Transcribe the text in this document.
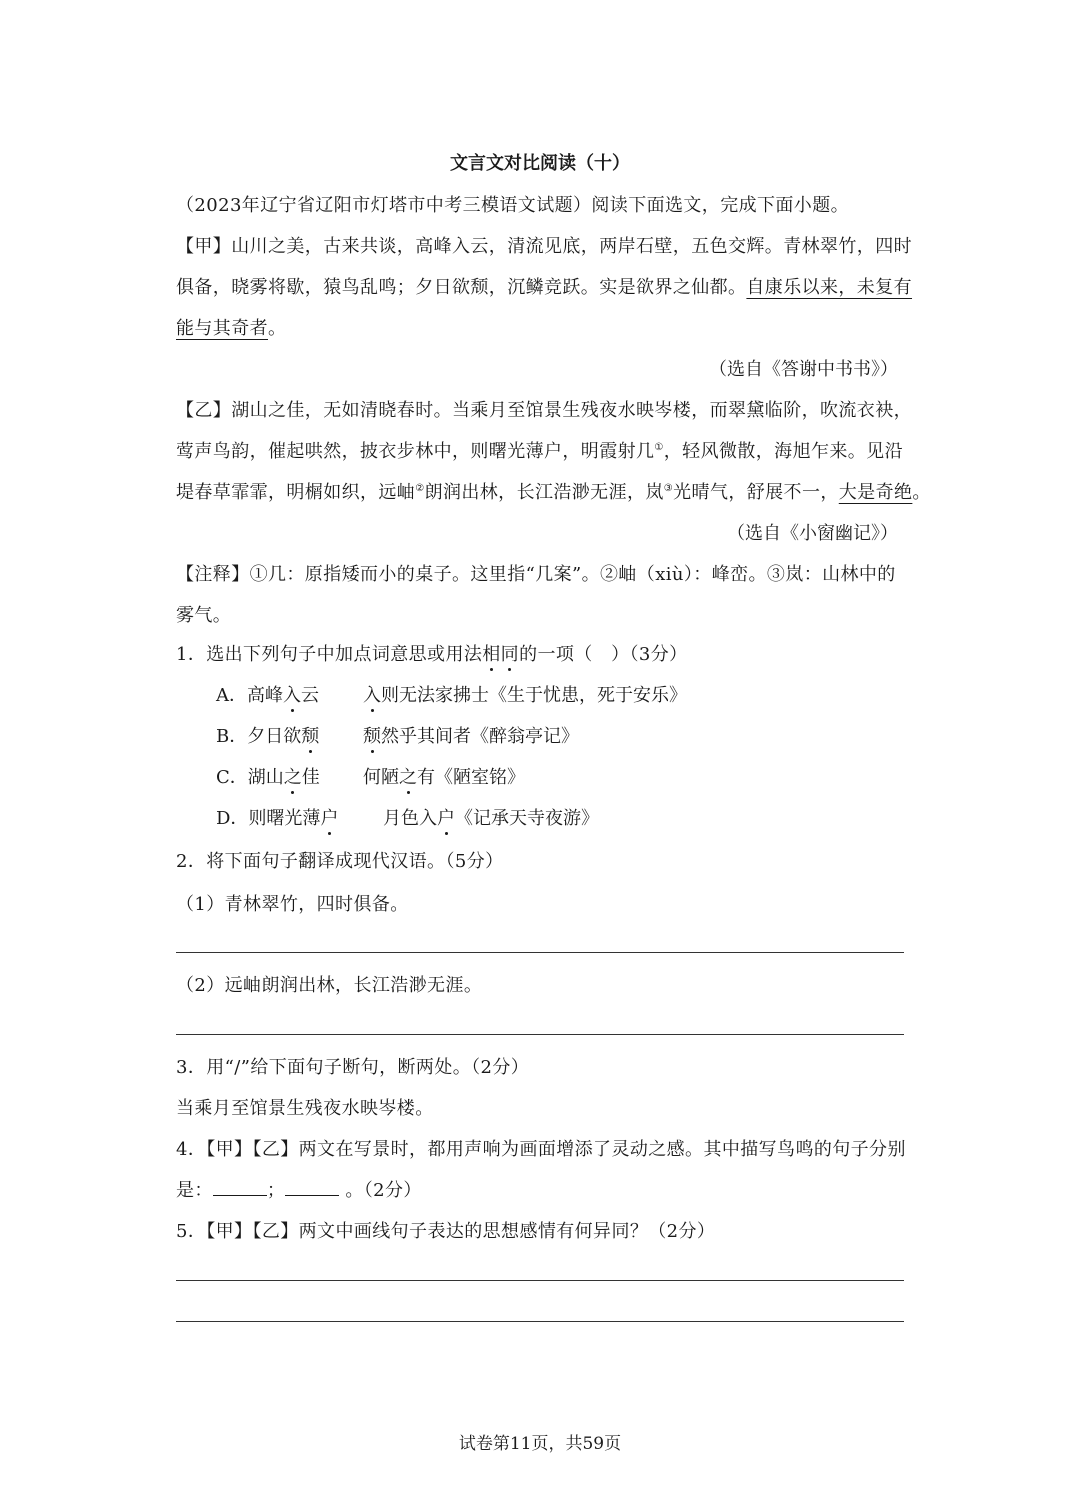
文言文对比阅读（十）
（2023年辽宁省辽阳市灯塔市中考三模语文试题）阅读下面选文，完成下面小题。
【甲】山川之美，古来共谈，高峰入云，清流见底，两岸石壁，五色交辉。青林翠竹，四时
俱备，晓雾将歇，猿鸟乱鸣；夕日欲颓，沉鳞竞跃。实是欲界之仙都。自康乐以来，未复有
能与其奇者。
（选自《答谢中书书》）
【乙】湖山之佳，无如清晓春时。当乘月至馆景生残夜水映岑楼，而翠黛临阶，吹流衣袂，
莺声鸟韵，催起哄然，披衣步林中，则曙光薄户，明霞射几①，轻风微散，海旭乍来。见沿
堤春草霏霏，明榍如织，远岫②朗润出林，长江浩渺无涯，岚③光晴气，舒展不一，大是奇绝。
（选自《小窗幽记》）
【注释】①几：原指矮而小的桌子。这里指“几案”。②岫（xiù）：峰峦。③岚：山林中的
雾气。
1．选出下列句子中加点词意思或用法相同的一项（　）（3分）
A．高峰入云 入则无法家拂士《生于忧患，死于安乐》
B．夕日欲颓 颓然乎其间者《醉翁亭记》
C．湖山之佳 何陋之有《陋室铭》
D．则曙光薄户 月色入户《记承天寺夜游》
2．将下面句子翻译成现代汉语。（5分）
（1）青林翠竹，四时俱备。
（2）远岫朗润出林，长江浩渺无涯。
3．用“/”给下面句子断句，断两处。（2分）
当乘月至馆景生残夜水映岑楼。
4．【甲】【乙】两文在写景时，都用声响为画面增添了灵动之感。其中描写鸟鸣的句子分别
是：	；	。（2分）
5．【甲】【乙】两文中画线句子表达的思想感情有何异同？（2分）
试卷第11页，共59页
